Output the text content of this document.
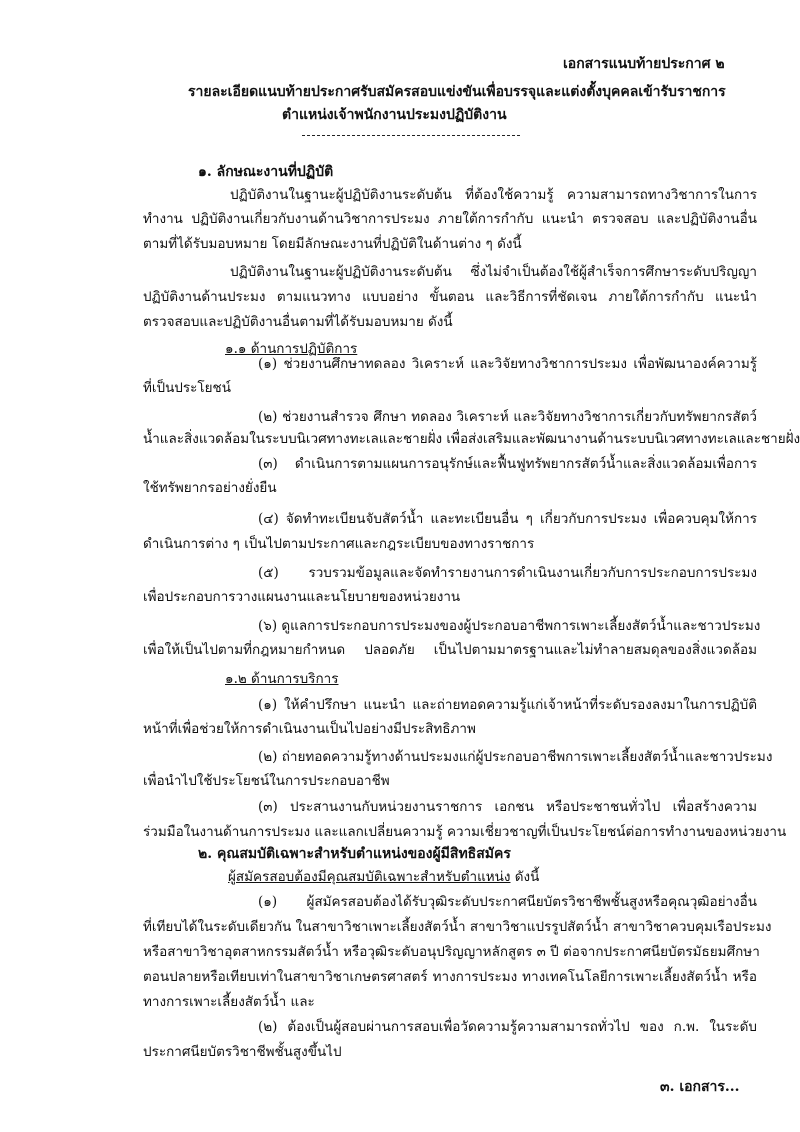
เอกสารแนบท้ายประกาศ ๒
รายละเอียดแนบท้ายประกาศรับสมัครสอบแข่งขันเพื่อบรรจุและแต่งตั้งบุคคลเข้ารับราชการ
ตำแหน่งเจ้าพนักงานประมงปฏิบัติงาน
๑. ลักษณะงานที่ปฏิบัติ
ปฏิบัติงานในฐานะผู้ปฏิบัติงานระดับต้น ที่ต้องใช้ความรู้ ความสามารถทางวิชาการในการ
ทำงาน ปฏิบัติงานเกี่ยวกับงานด้านวิชาการประมง ภายใต้การกำกับ แนะนำ ตรวจสอบ และปฏิบัติงานอื่น
ตามที่ได้รับมอบหมาย โดยมีลักษณะงานที่ปฏิบัติในด้านต่าง ๆ ดังนี้
ปฏิบัติงานในฐานะผู้ปฏิบัติงานระดับต้น ซึ่งไม่จำเป็นต้องใช้ผู้สำเร็จการศึกษาระดับปริญญา
ปฏิบัติงานด้านประมง ตามแนวทาง แบบอย่าง ขั้นตอน และวิธีการที่ชัดเจน ภายใต้การกำกับ แนะนำ
ตรวจสอบและปฏิบัติงานอื่นตามที่ได้รับมอบหมาย ดังนี้
๑.๑ ด้านการปฏิบัติการ
(๑) ช่วยงานศึกษาทดลอง วิเคราะห์ และวิจัยทางวิชาการประมง เพื่อพัฒนาองค์ความรู้
ที่เป็นประโยชน์
(๒) ช่วยงานสำรวจ ศึกษา ทดลอง วิเคราะห์ และวิจัยทางวิชาการเกี่ยวกับทรัพยากรสัตว์
น้ำและสิ่งแวดล้อมในระบบนิเวศทางทะเลและชายฝั่ง เพื่อส่งเสริมและพัฒนางานด้านระบบนิเวศทางทะเลและชายฝั่ง
(๓) ดำเนินการตามแผนการอนุรักษ์และฟื้นฟูทรัพยากรสัตว์น้ำและสิ่งแวดล้อมเพื่อการ
ใช้ทรัพยากรอย่างยั่งยืน
(๔) จัดทำทะเบียนจับสัตว์น้ำ และทะเบียนอื่น ๆ เกี่ยวกับการประมง เพื่อควบคุมให้การ
ดำเนินการต่าง ๆ เป็นไปตามประกาศและกฎระเบียบของทางราชการ
(๕) รวบรวมข้อมูลและจัดทำรายงานการดำเนินงานเกี่ยวกับการประกอบการประมง
เพื่อประกอบการวางแผนงานและนโยบายของหน่วยงาน
(๖) ดูแลการประกอบการประมงของผู้ประกอบอาชีพการเพาะเลี้ยงสัตว์น้ำและชาวประมง
เพื่อให้เป็นไปตามที่กฎหมายกำหนด ปลอดภัย เป็นไปตามมาตรฐานและไม่ทำลายสมดุลของสิ่งแวดล้อม
๑.๒ ด้านการบริการ
(๑) ให้คำปรึกษา แนะนำ และถ่ายทอดความรู้แก่เจ้าหน้าที่ระดับรองลงมาในการปฏิบัติ
หน้าที่เพื่อช่วยให้การดำเนินงานเป็นไปอย่างมีประสิทธิภาพ
(๒) ถ่ายทอดความรู้ทางด้านประมงแก่ผู้ประกอบอาชีพการเพาะเลี้ยงสัตว์น้ำและชาวประมง
เพื่อนำไปใช้ประโยชน์ในการประกอบอาชีพ
(๓) ประสานงานกับหน่วยงานราชการ เอกชน หรือประชาชนทั่วไป เพื่อสร้างความ
ร่วมมือในงานด้านการประมง และแลกเปลี่ยนความรู้ ความเชี่ยวชาญที่เป็นประโยชน์ต่อการทำงานของหน่วยงาน
๒. คุณสมบัติเฉพาะสำหรับตำแหน่งของผู้มีสิทธิสมัคร
ผู้สมัครสอบต้องมีคุณสมบัติเฉพาะสำหรับตำแหน่ง ดังนี้
(๑) ผู้สมัครสอบต้องได้รับวุฒิระดับประกาศนียบัตรวิชาชีพชั้นสูงหรือคุณวุฒิอย่างอื่น
ที่เทียบได้ในระดับเดียวกัน ในสาขาวิชาเพาะเลี้ยงสัตว์น้ำ สาขาวิชาแปรรูปสัตว์น้ำ สาขาวิชาควบคุมเรือประมง
หรือสาขาวิชาอุตสาหกรรมสัตว์น้ำ หรือวุฒิระดับอนุปริญญาหลักสูตร ๓ ปี ต่อจากประกาศนียบัตรมัธยมศึกษา
ตอนปลายหรือเทียบเท่าในสาขาวิชาเกษตรศาสตร์ ทางการประมง ทางเทคโนโลยีการเพาะเลี้ยงสัตว์น้ำ หรือ
ทางการเพาะเลี้ยงสัตว์น้ำ และ
(๒) ต้องเป็นผู้สอบผ่านการสอบเพื่อวัดความรู้ความสามารถทั่วไป ของ ก.พ. ในระดับ
ประกาศนียบัตรวิชาชีพชั้นสูงขึ้นไป
๓. เอกสาร...
